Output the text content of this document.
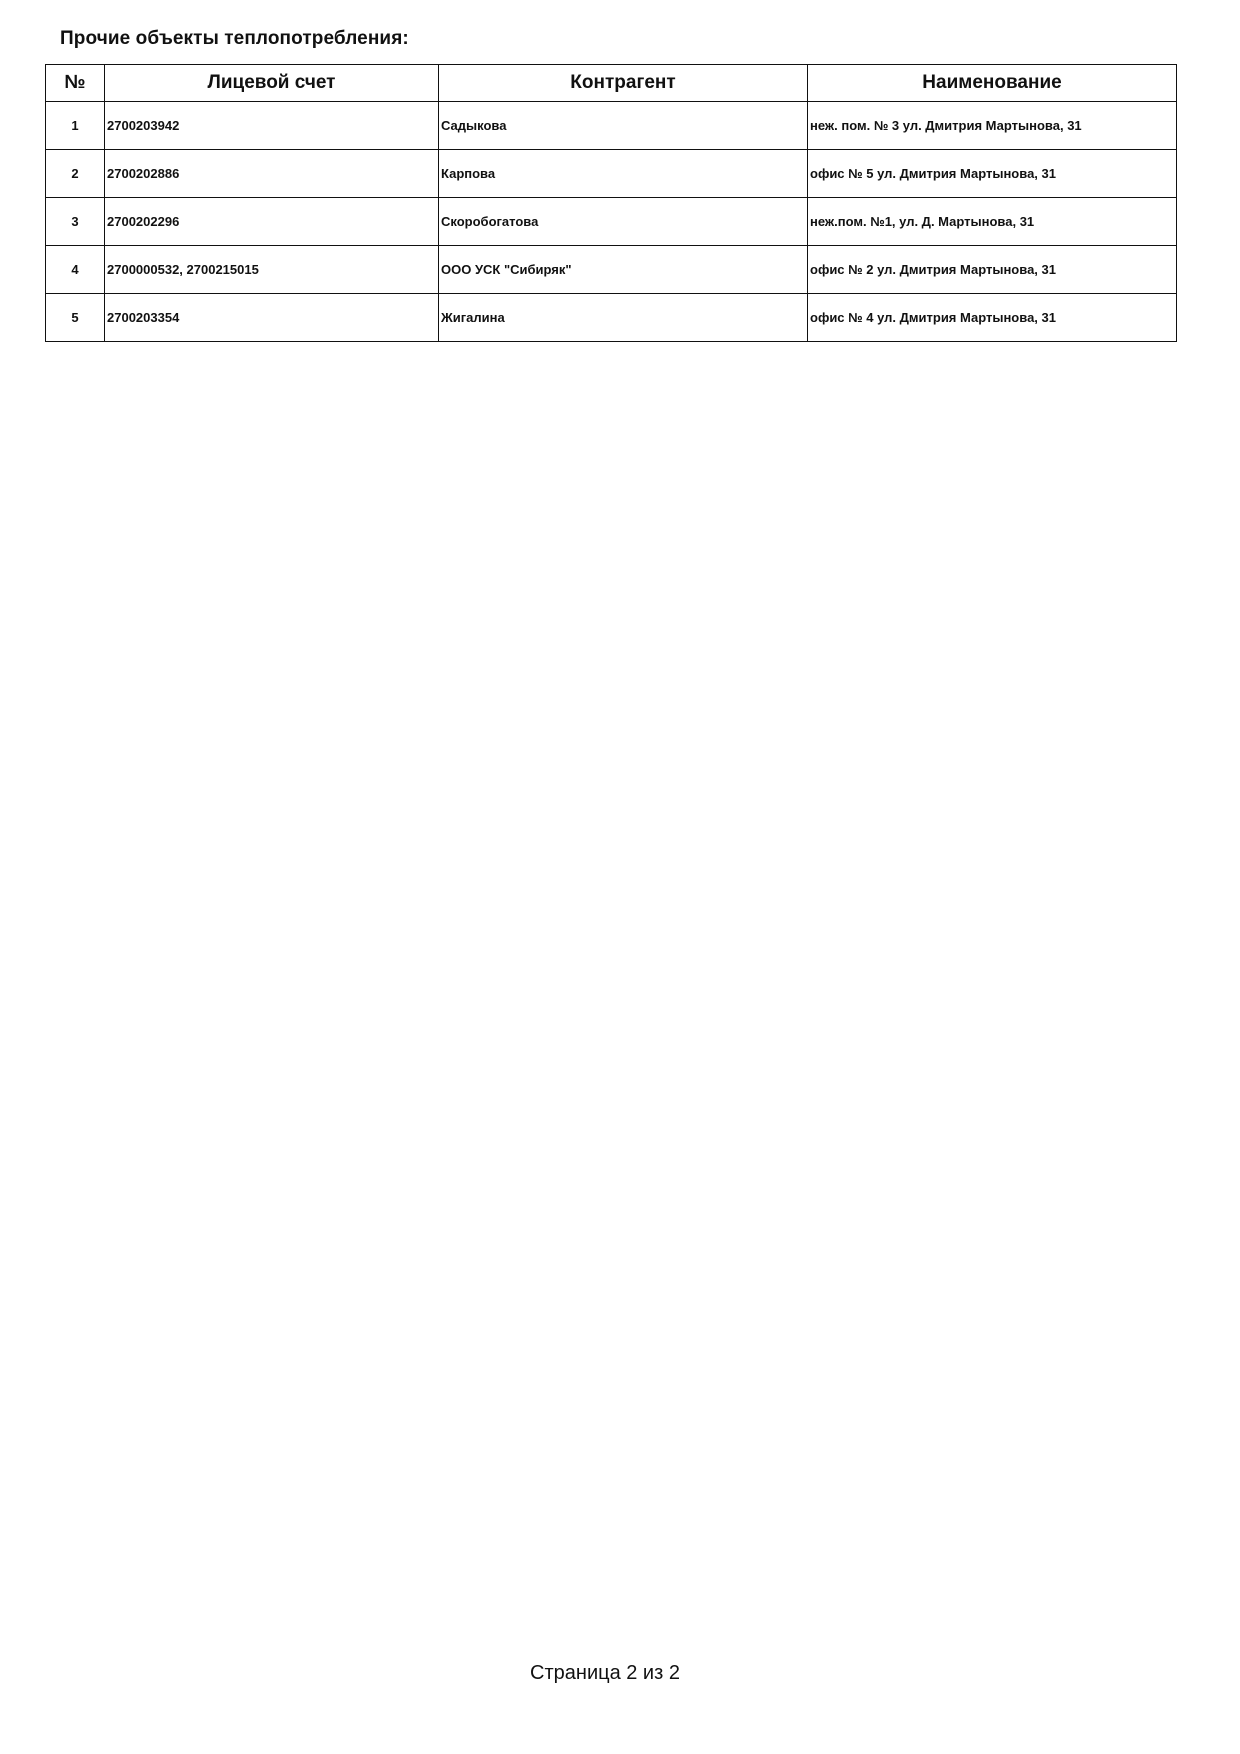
Прочие объекты теплопотребления:
№	Лицевой счет	Контрагент	Наименование
1	2700203942	Садыкова	неж. пом. № 3 ул. Дмитрия Мартынова, 31
2	2700202886	Карпова	офис № 5 ул. Дмитрия Мартынова, 31
3	2700202296	Скоробогатова	неж.пом. №1, ул. Д. Мартынова, 31
4	2700000532, 2700215015	ООО УСК "Сибиряк"	офис № 2 ул. Дмитрия Мартынова, 31
5	2700203354	Жигалина	офис № 4 ул. Дмитрия Мартынова, 31
Страница 2 из 2
